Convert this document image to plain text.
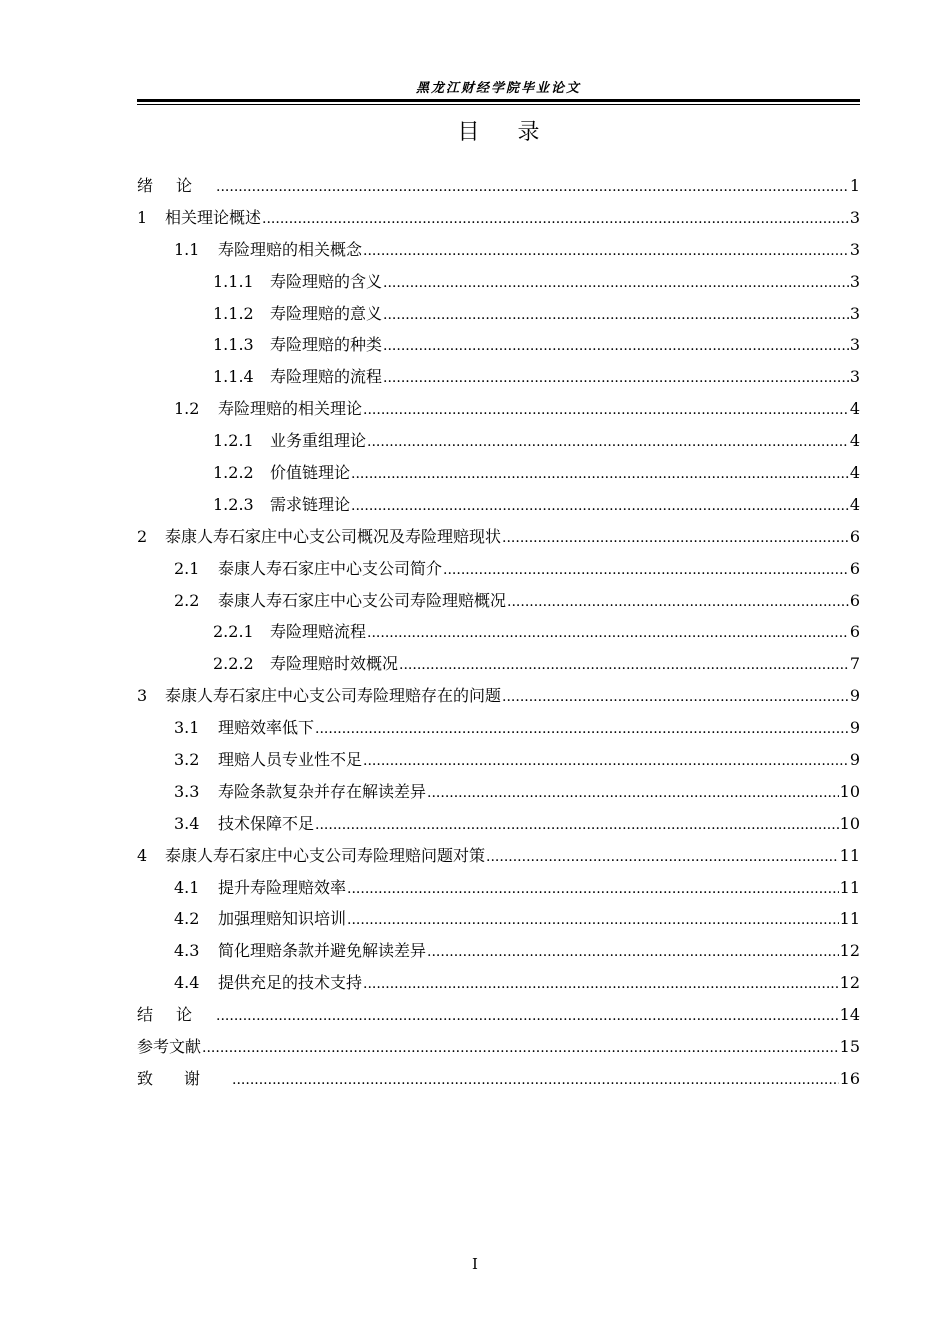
黑龙江财经学院毕业论文
目录
绪论 .....	1
1	相关理论概述 .....	3
1.1	寿险理赔的相关概念 .....	3
1.1.1	寿险理赔的含义 .....	3
1.1.2	寿险理赔的意义 .....	3
1.1.3	寿险理赔的种类 .....	3
1.1.4	寿险理赔的流程 .....	3
1.2	寿险理赔的相关理论 .....	4
1.2.1	业务重组理论 .....	4
1.2.2	价值链理论 .....	4
1.2.3	需求链理论 .....	4
2	泰康人寿石家庄中心支公司概况及寿险理赔现状 .....	6
2.1	泰康人寿石家庄中心支公司简介 .....	6
2.2	泰康人寿石家庄中心支公司寿险理赔概况 .....	6
2.2.1	寿险理赔流程 .....	6
2.2.2	寿险理赔时效概况 .....	7
3	泰康人寿石家庄中心支公司寿险理赔存在的问题 .....	9
3.1	理赔效率低下 .....	9
3.2	理赔人员专业性不足 .....	9
3.3	寿险条款复杂并存在解读差异 .....	10
3.4	技术保障不足 .....	10
4	泰康人寿石家庄中心支公司寿险理赔问题对策 .....	11
4.1	提升寿险理赔效率 .....	11
4.2	加强理赔知识培训 .....	11
4.3	简化理赔条款并避免解读差异 .....	12
4.4	提供充足的技术支持 .....	12
结论 .....	14
参考文献 .....	15
致谢 .....	16
I
